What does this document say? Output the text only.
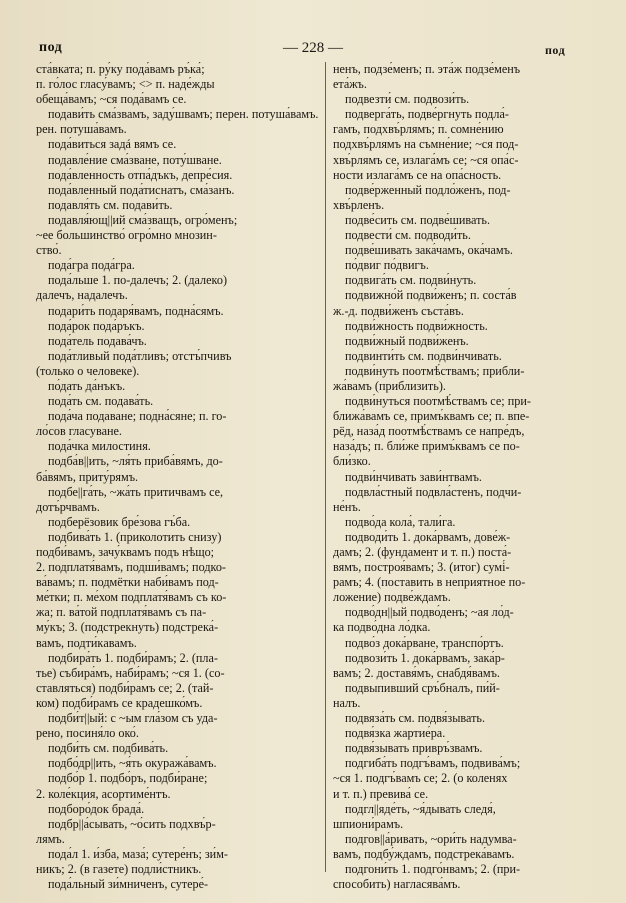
— 228 —
под	под
ста́вката; п. ру́ку пода́вамъ ръ́ка́;
п. го́лос гласу́вамъ; <> п. наде́жды
обеща́вамъ; ~ся пода́вамъ се.
подави́ть сма́звамъ, заду́швамъ; перен. потуша́вамъ.
рен. потуша́вамъ.
пода́виться задá вямъ се.
подавле́ние сма́зване, поту́шване.
пода́вленность отпа́дъкъ, депре́сия.
пода́вленный пода́тиснатъ, сма́занъ.
подавля́ть см. подави́ть.
подавля́ющ||ий сма́звaщъ, огро́менъ;
~ее большинство́ огро́мно мнозин-
ство́.
пода́гра пода́гра.
пода́льше 1. по-далечъ; 2. (далеко)
далечъ, надалечъ.
подари́ть подаря́вамъ, подна́сямъ.
пода́рок пода́ръкъ.
пода́тель подава́чъ.
пода́тливый пода́тливъ; отстъ́пчивъ
(только о человеке).
по́дать да́нъкъ.
пода́ть см. подава́ть.
пода́ча подаване; подна́сяне; п. го-
ло́сов гласуване.
пода́чка милостиня.
подба́в||ить, ~ля́ть приба́вямъ, до-
ба́вямъ, приту́рямъ.
подбе||га́ть, ~жа́ть притичвамъ се,
дотъ́рчвамъ.
подберёзовик бре́зова гъ́ба.
подбива́ть 1. (приколотить снизу)
подби́вамъ, зачу́квамъ подъ нѣщо;
2. подплатя́вамъ, подши́вамъ; подко-
ва́вамъ; п. подмётки наби́вамъ под-
ме́тки; п. ме́хом подплатя́вамъ съ ко-
жа; п. ва́той подплатя́вамъ съ па-
му́къ; 3. (подстрекнуть) подстрека́-
вамъ, подти́кaвамъ.
подбира́ть 1. подби́рамъ; 2. (пла-
тье) събира́мъ, наби́рамъ; ~ся 1. (со-
ставляться) подби́рамъ се; 2. (тай-
ком) подби́рамъ се крадешко́мъ.
подби́т||ый: с ~ым гла́зом съ уда-
рено, посиня́ло око́.
подби́ть см. подбива́ть.
подбо́др||ить, ~я́ть окуража́вамъ.
подбо́р 1. подбо́ръ, подби́ране;
2. коле́кция, асортиме́нтъ.
подборо́док брада́.
подбр||а́сывать, ~о́сить подхвъ́р-
лямъ.
пода́л 1. и́зба, маза́; сутере́нъ; зи́м-
никъ; 2. (в газете) подли́стникъ.
пода́льный зи́мниченъ, сутере́-
ненъ, подзе́менъ; п. эта́ж подзе́менъ
ета́жъ.
подвезти́ см. подвози́ть.
подверга́ть, подве́ргнуть подла́-
гамъ, подхвъ́рлямъ; п. сомне́нию
подхвъ́рлямъ на съмне́ние; ~ся под-
хвъ́рлямъ се, излага́мъ се; ~ся опа́с-
ности излага́мъ се на опа́сность.
подве́рженный подло́женъ, под-
хвъ́рленъ.
подве́сить см. подве́шивать.
подвести́ см. подводи́ть.
подве́шивать зака́чамъ, ока́чамъ.
по́двиг по́двигъ.
подвига́ть см. подви́нуть.
подвижно́й подви́женъ; п. соста́в
ж.-д. подви́женъ съста́въ.
подви́жность подви́жность.
подви́жный подви́женъ.
подвинти́ть см. подви́нчивать.
подви́нуть поотмѣ́ствамъ; прибли-
жа́вамъ (приблизить).
подви́нуться поотмѣ́ствамъ се; при-
ближа́вамъ се, примъ́квамъ се; п. впе-
рёд, наза́д поотмѣ́ствамъ се напре́дъ,
наза́дъ; п. бли́же примъ́квамъ се по-
бли́зко.
подви́нчивать зави́нтвамъ.
подвла́стный подвла́стенъ, подчи-
не́нъ.
подво́да кола́, тали́га.
подводи́ть 1. дока́рвамъ, дове́ж-
дамъ; 2. (фундамент и т. п.) поста́-
вямъ, построя́вамъ; 3. (итог) сумі́-
рамъ; 4. (поставить в неприятное по-
ложение) подве́ждамъ.
подво́дн||ый подво́денъ; ~ая ло́д-
ка подво́дна ло́дка.
подво́з дока́рване, транспо́ртъ.
подвози́ть 1. дока́рвамъ, зака́р-
вамъ; 2. доставя́мъ, снабдя́вамъ.
подвыпивший сръ́бналъ, пи́й-
налъ.
подвяза́ть см. подвя́зывать.
подвя́зка жартие́ра.
подвя́зывать привръ́звамъ.
подгиба́ть подгъ́вамъ, подвива́мъ;
~ся 1. подгъ́вамъ се; 2. (о коленях
и т. п.) превива́ се.
подгл||яде́ть, ~я́дывать следя́,
шпиони́рамъ.
подгов||а́ривать, ~ори́ть надумва-
вамъ, подбу́ждамъ, подстрека́вамъ.
подгони́ть 1. подго́нвамъ; 2. (при-
способить) нагласява́мъ.
